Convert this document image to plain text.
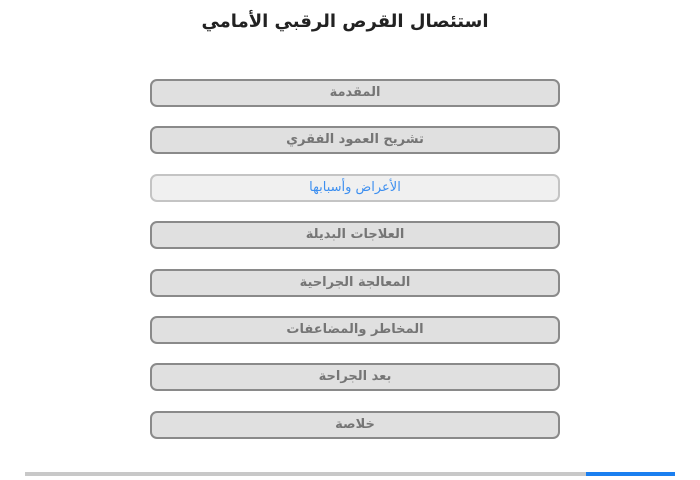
استئصال القرص الرقبي الأمامي
المقدمة
تشريح العمود الفقري
الأعراض وأسبابها
العلاجات البديلة
المعالجة الجراحية
المخاطر والمضاعفات
بعد الجراحة
خلاصة
